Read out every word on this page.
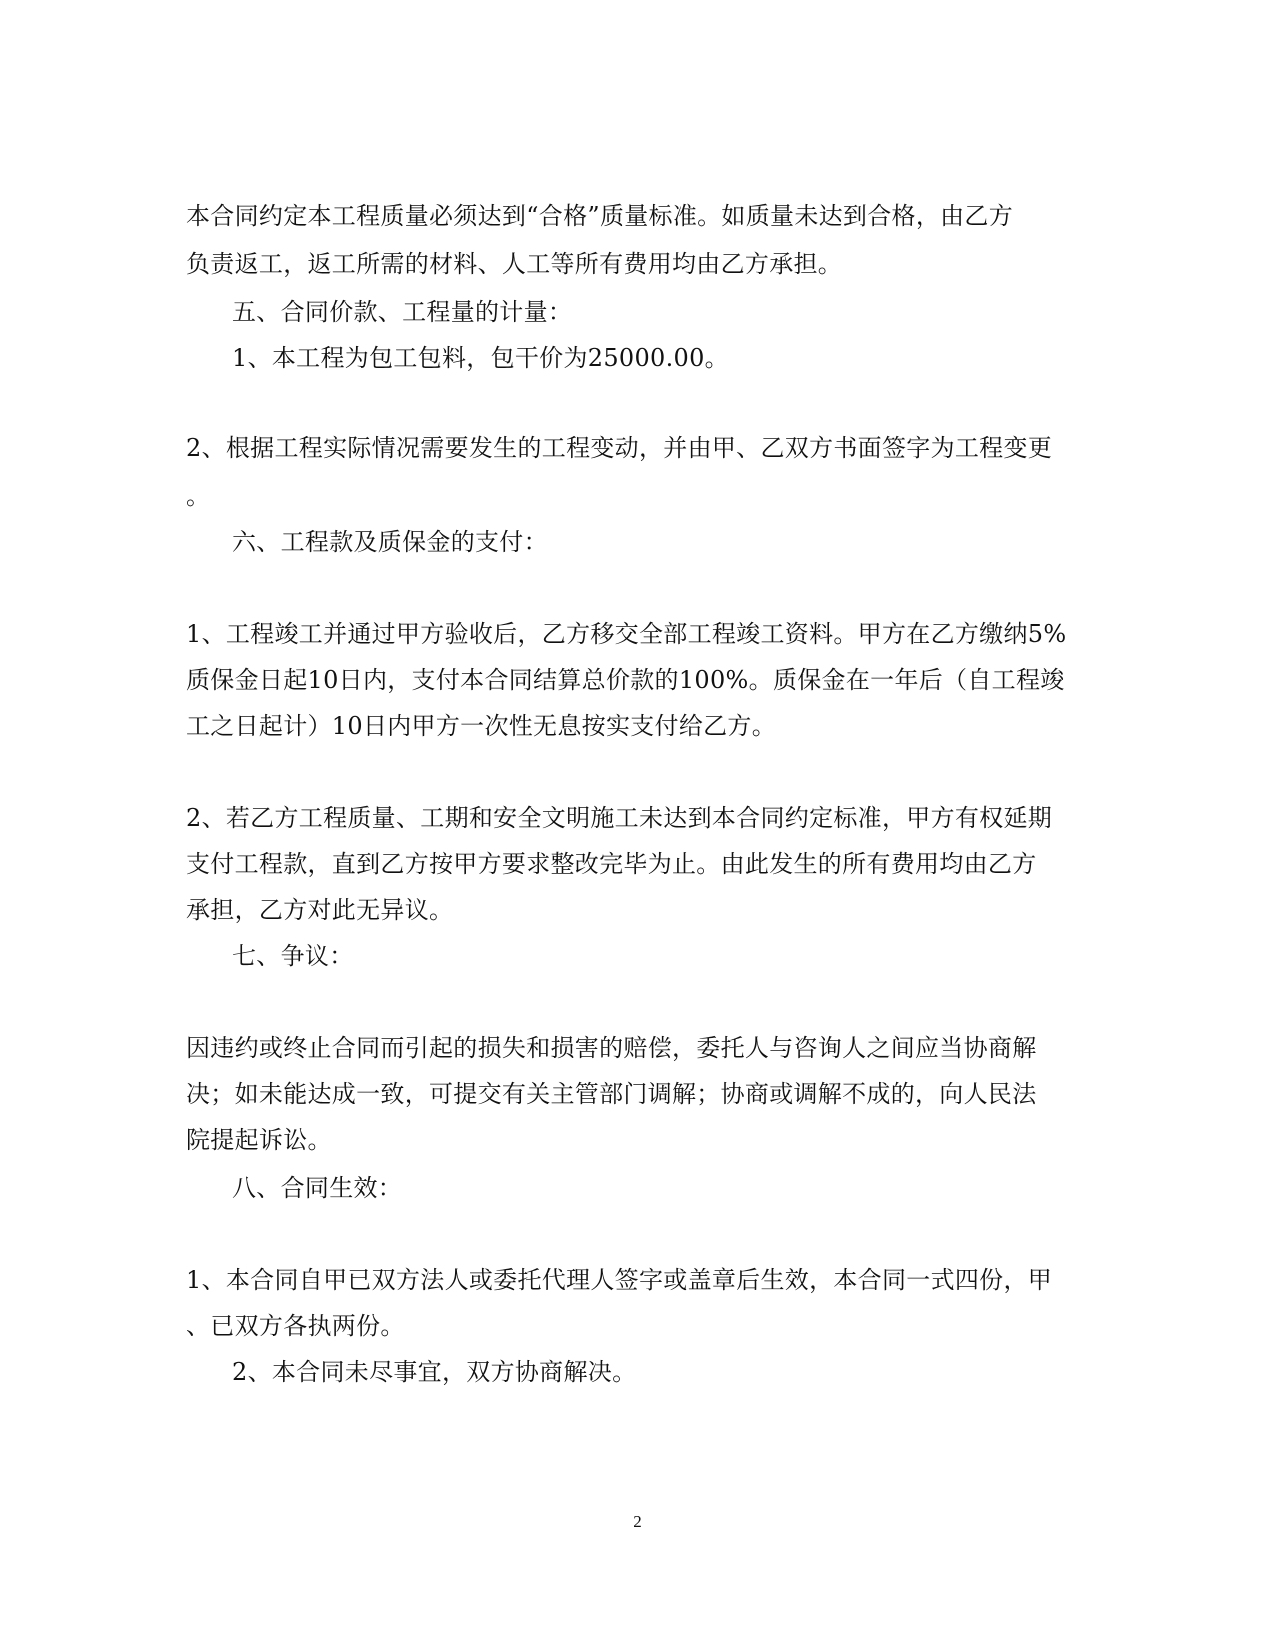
本合同约定本工程质量必须达到“合格”质量标准。如质量未达到合格，由乙方
负责返工，返工所需的材料、人工等所有费用均由乙方承担。
五、合同价款、工程量的计量：
1、本工程为包工包料，包干价为25000.00。
2、根据工程实际情况需要发生的工程变动，并由甲、乙双方书面签字为工程变更
。
六、工程款及质保金的支付：
1、工程竣工并通过甲方验收后，乙方移交全部工程竣工资料。甲方在乙方缴纳5%
质保金日起10日内，支付本合同结算总价款的100%。质保金在一年后（自工程竣
工之日起计）10日内甲方一次性无息按实支付给乙方。
2、若乙方工程质量、工期和安全文明施工未达到本合同约定标准，甲方有权延期
支付工程款，直到乙方按甲方要求整改完毕为止。由此发生的所有费用均由乙方
承担，乙方对此无异议。
七、争议：
因违约或终止合同而引起的损失和损害的赔偿，委托人与咨询人之间应当协商解
决；如未能达成一致，可提交有关主管部门调解；协商或调解不成的，向人民法
院提起诉讼。
八、合同生效：
1、本合同自甲已双方法人或委托代理人签字或盖章后生效，本合同一式四份，甲
、已双方各执两份。
2、本合同未尽事宜，双方协商解决。
2
